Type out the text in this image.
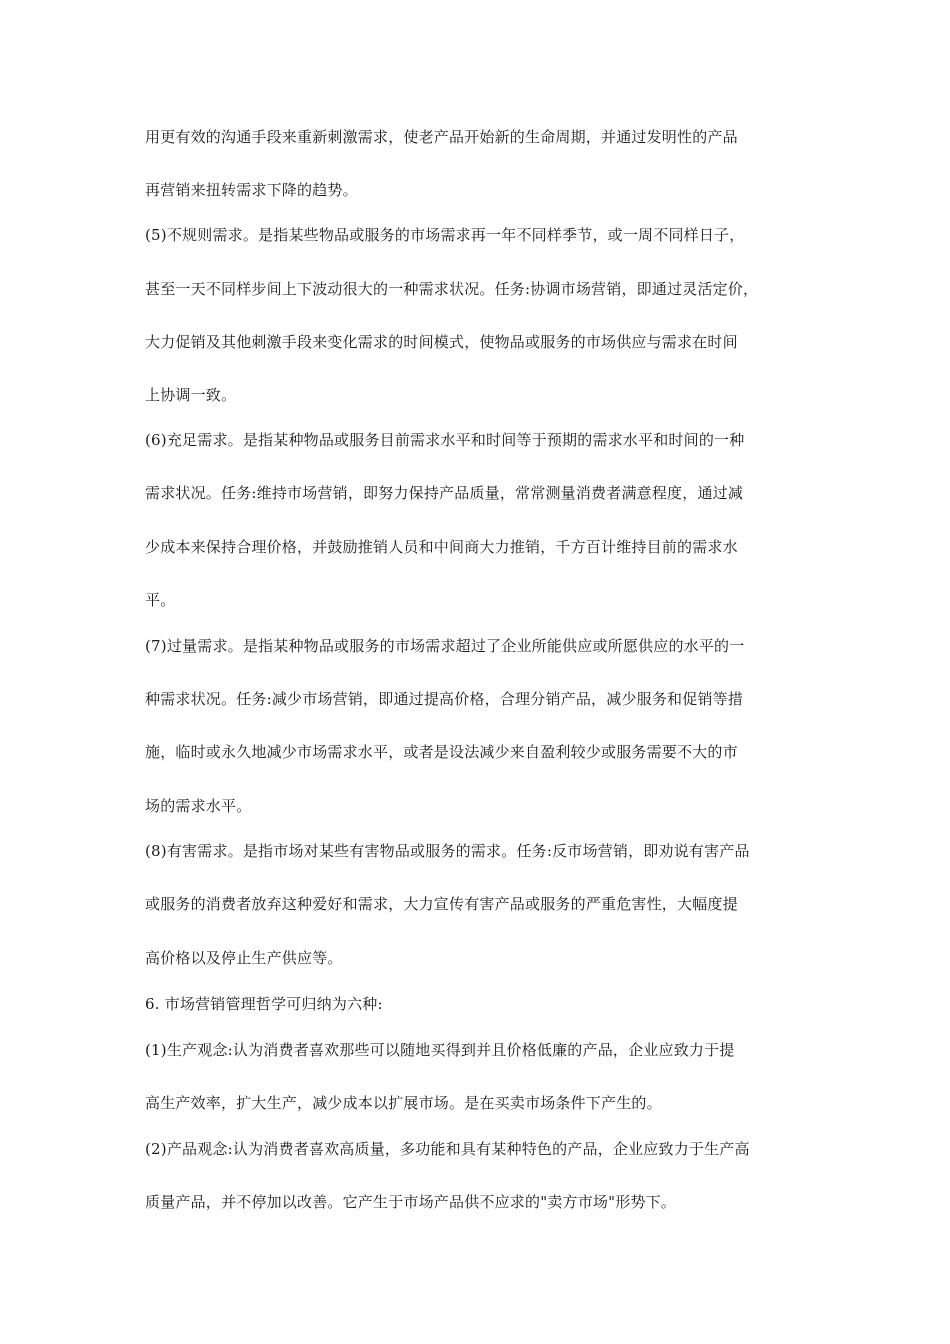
用更有效的沟通手段来重新刺激需求，使老产品开始新的生命周期，并通过发明性的产品
再营销来扭转需求下降的趋势。
(5)不规则需求。是指某些物品或服务的市场需求再一年不同样季节，或一周不同样日子，
甚至一天不同样步间上下波动很大的一种需求状况。任务:协调市场营销，即通过灵活定价，
大力促销及其他刺激手段来变化需求的时间模式，使物品或服务的市场供应与需求在时间
上协调一致。
(6)充足需求。是指某种物品或服务目前需求水平和时间等于预期的需求水平和时间的一种
需求状况。任务:维持市场营销，即努力保持产品质量，常常测量消费者满意程度，通过减
少成本来保持合理价格，并鼓励推销人员和中间商大力推销，千方百计维持目前的需求水
平。
(7)过量需求。是指某种物品或服务的市场需求超过了企业所能供应或所愿供应的水平的一
种需求状况。任务:减少市场营销，即通过提高价格，合理分销产品，减少服务和促销等措
施，临时或永久地减少市场需求水平，或者是设法减少来自盈利较少或服务需要不大的市
场的需求水平。
(8)有害需求。是指市场对某些有害物品或服务的需求。任务:反市场营销，即劝说有害产品
或服务的消费者放弃这种爱好和需求，大力宣传有害产品或服务的严重危害性，大幅度提
高价格以及停止生产供应等。
6. 市场营销管理哲学可归纳为六种:
(1)生产观念:认为消费者喜欢那些可以随地买得到并且价格低廉的产品，企业应致力于提
高生产效率，扩大生产，减少成本以扩展市场。是在买卖市场条件下产生的。
(2)产品观念:认为消费者喜欢高质量，多功能和具有某种特色的产品，企业应致力于生产高
质量产品，并不停加以改善。它产生于市场产品供不应求的"卖方市场"形势下。
